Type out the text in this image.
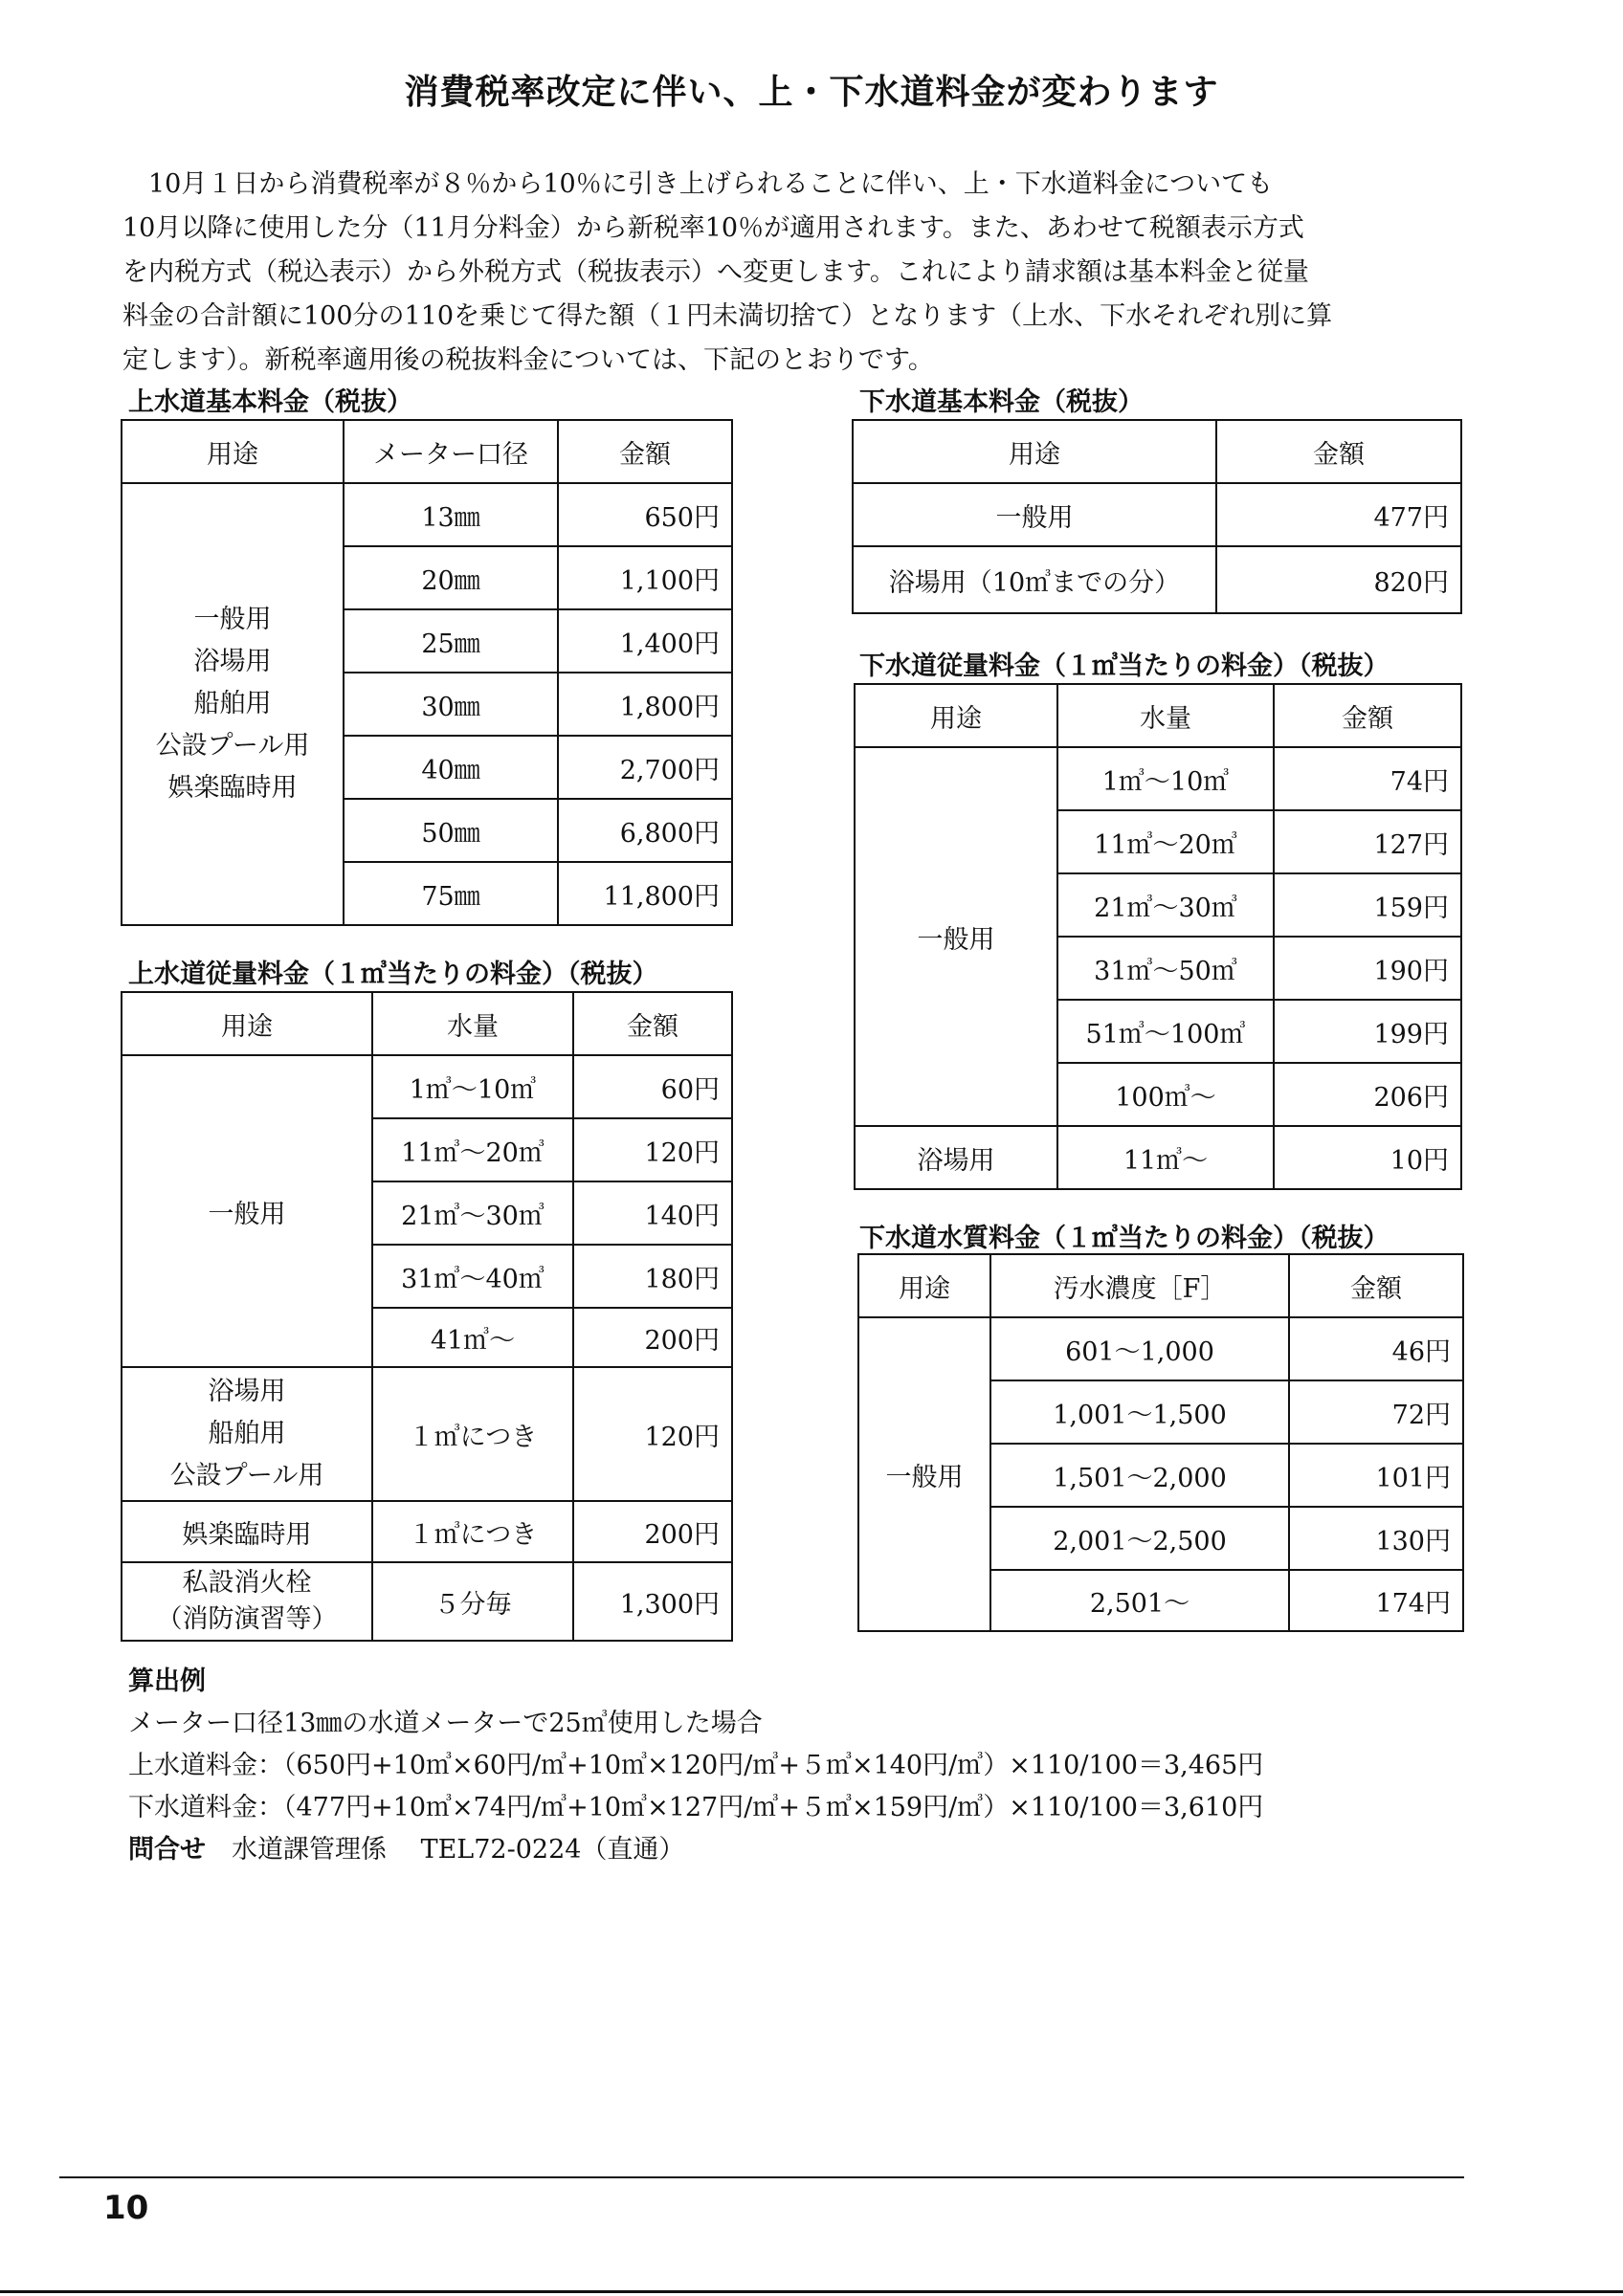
消費税率改定に伴い、上・下水道料金が変わります
　10月１日から消費税率が８％から10％に引き上げられることに伴い、上・下水道料金についても
10月以降に使用した分（11月分料金）から新税率10％が適用されます。また、あわせて税額表示方式
を内税方式（税込表示）から外税方式（税抜表示）へ変更します。これにより請求額は基本料金と従量
料金の合計額に100分の110を乗じて得た額（１円未満切捨て）となります（上水、下水それぞれ別に算
定します）。新税率適用後の税抜料金については、下記のとおりです。
上水道基本料金（税抜）
用途	メーター口径	金額

一般用
浴場用
船舶用
公設プール用
娯楽臨時用	13㎜	650円
	20㎜	1,100円
	25㎜	1,400円
	30㎜	1,800円
	40㎜	2,700円
	50㎜	6,800円
	75㎜	11,800円
上水道従量料金（１㎥当たりの料金）（税抜）
用途	水量	金額
一般用	1㎥～10㎥	60円
	11㎥～20㎥	120円
	21㎥～30㎥	140円
	31㎥～40㎥	180円
	41㎥～	200円

浴場用
船舶用
公設プール用	１㎥につき	120円
娯楽臨時用	１㎥につき	200円

私設消火栓
（消防演習等）	５分毎	1,300円
下水道基本料金（税抜）
用途	金額
一般用	477円
浴場用（10㎥までの分）	820円
下水道従量料金（１㎥当たりの料金）（税抜）
用途	水量	金額
一般用	1㎥～10㎥	74円
	11㎥～20㎥	127円
	21㎥～30㎥	159円
	31㎥～50㎥	190円
	51㎥～100㎥	199円
	100㎥～	206円
浴場用	11㎥～	10円
下水道水質料金（１㎥当たりの料金）（税抜）
用途	汚水濃度［F］	金額
一般用	601～1,000	46円
	1,001～1,500	72円
	1,501～2,000	101円
	2,001～2,500	130円
	2,501～	174円
算出例
メーター口径13㎜の水道メーターで25㎥使用した場合
上水道料金：（650円+10㎥×60円/㎥+10㎥×120円/㎥+５㎥×140円/㎥）×110/100＝3,465円
下水道料金：（477円+10㎥×74円/㎥+10㎥×127円/㎥+５㎥×159円/㎥）×110/100＝3,610円
問合せ　水道課管理係　 TEL72-0224（直通）
10
